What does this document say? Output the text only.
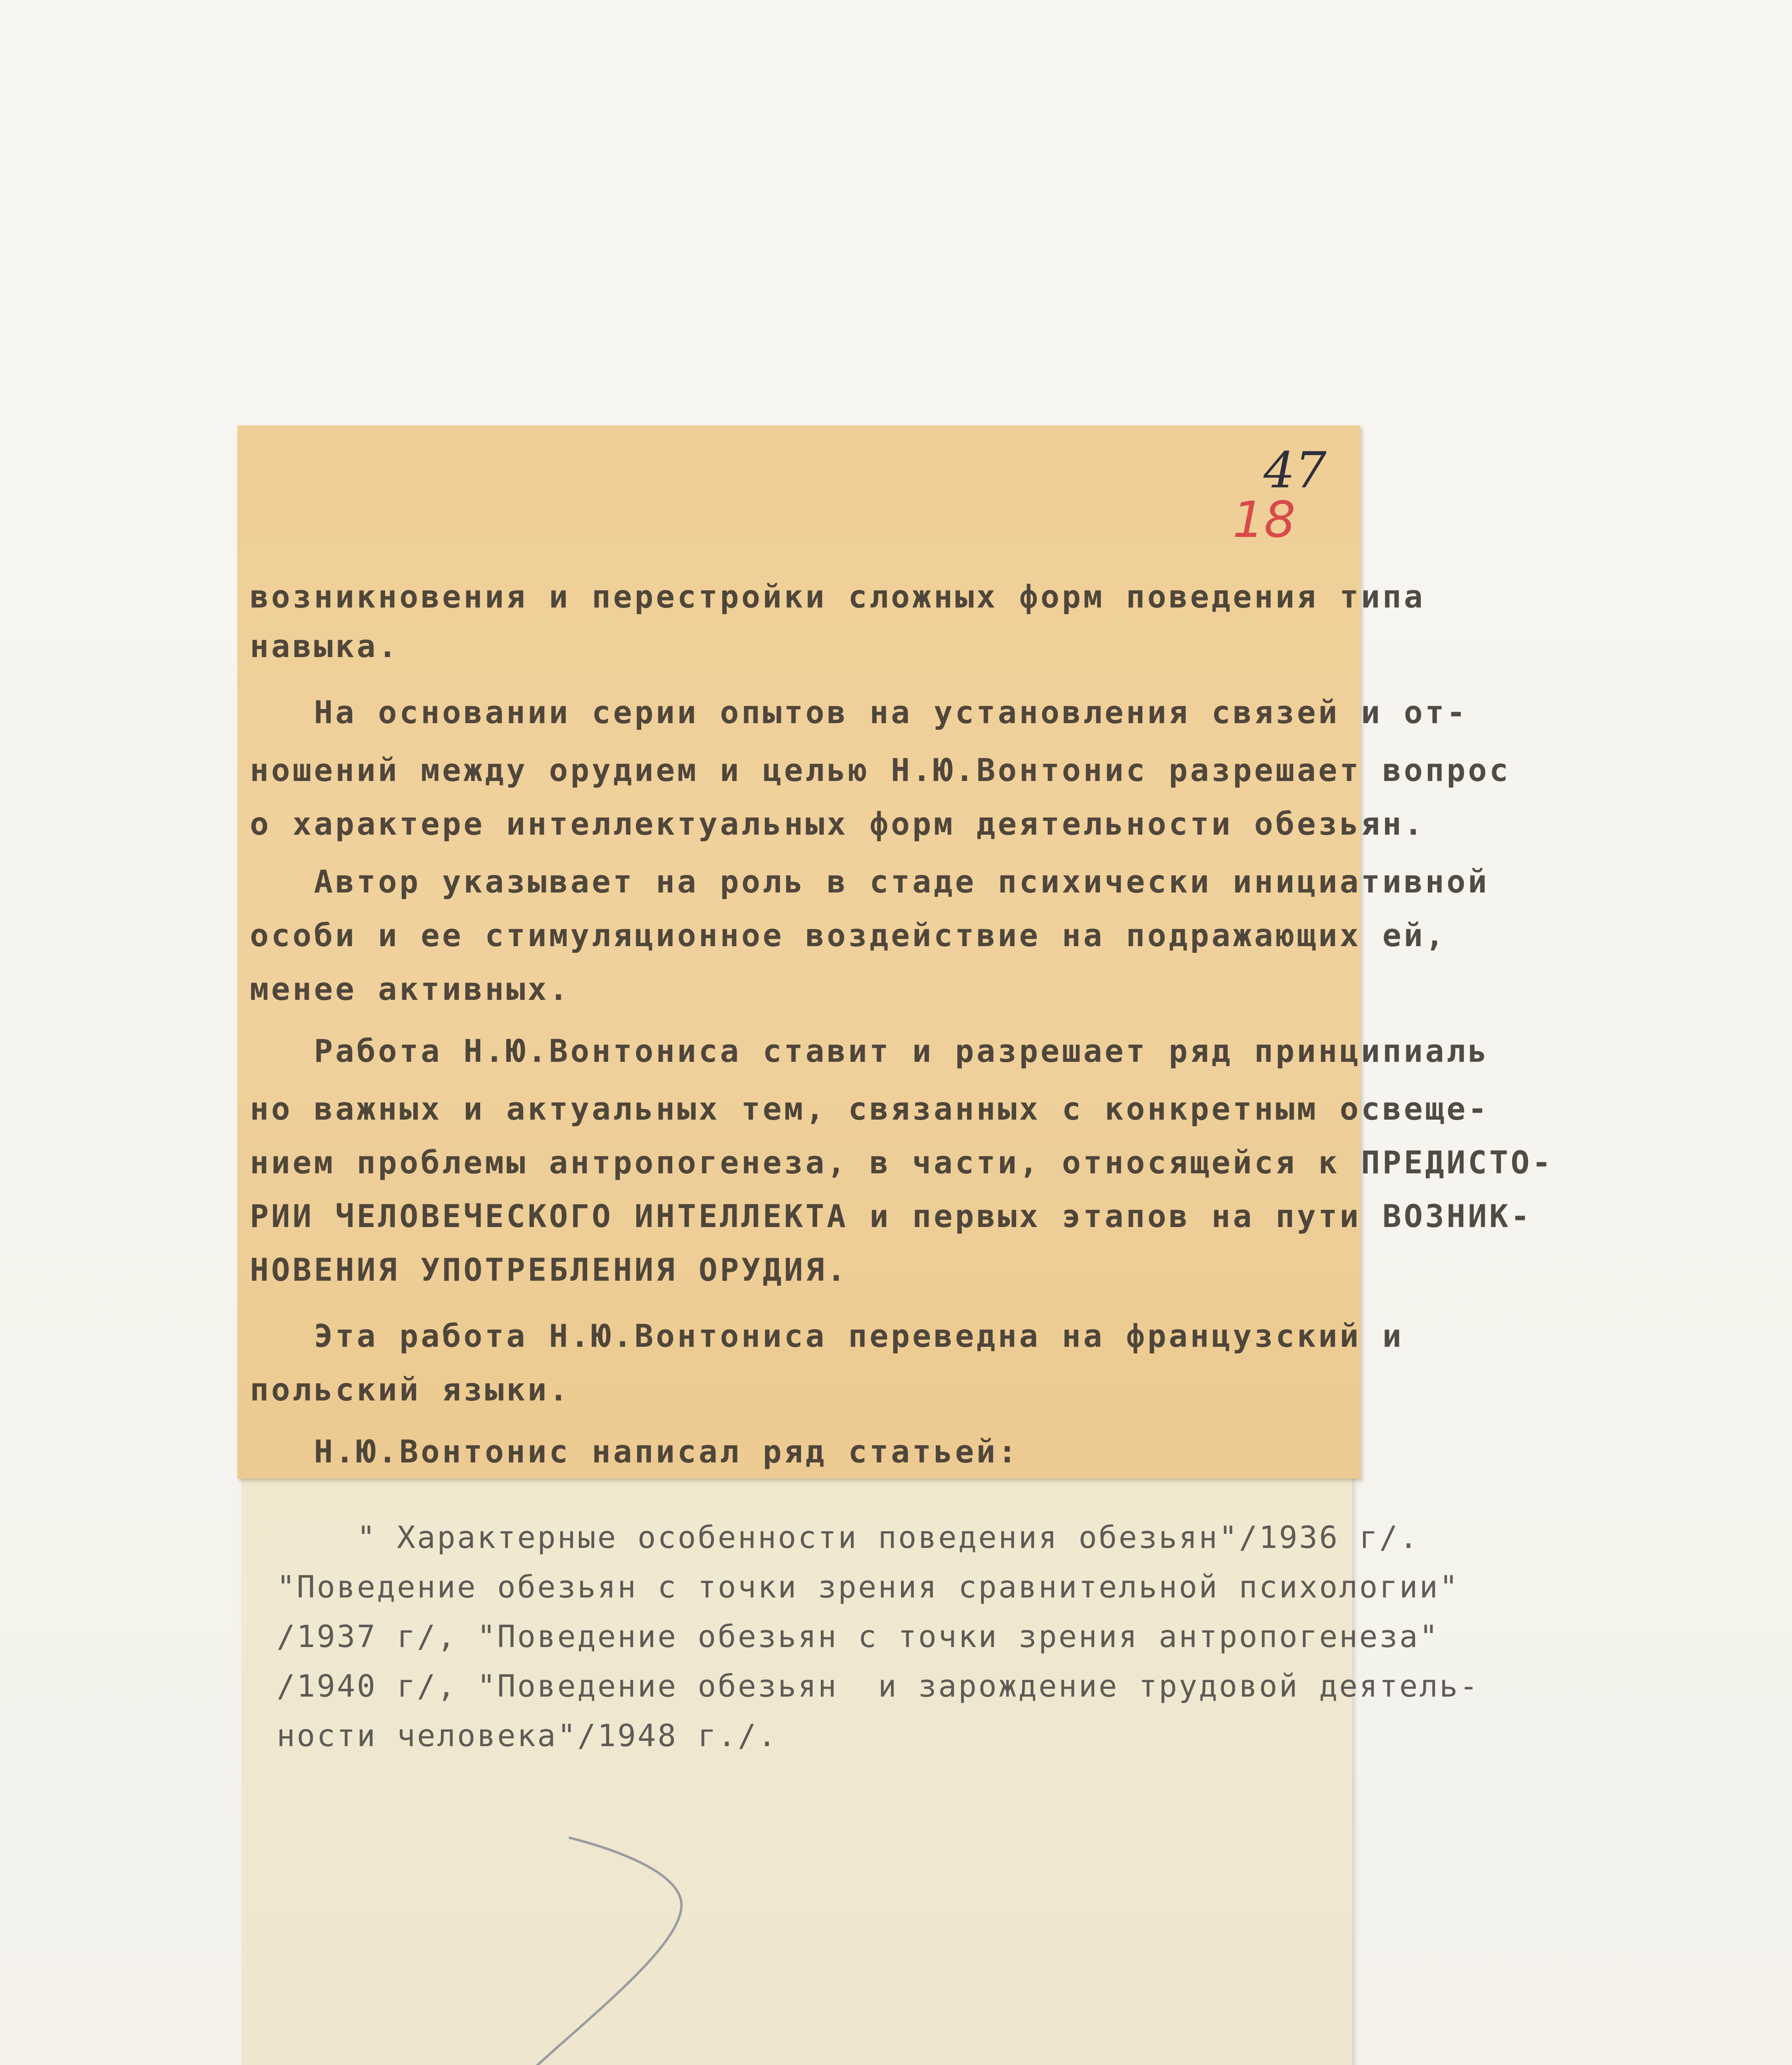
возникновения и перестройки сложных форм поведения типа
навыка.
На основании серии опытов на установления связей и от-
ношений между орудием и целью Н.Ю.Вонтонис разрешает вопрос
о характере интеллектуальных форм деятельности обезьян.
Автор указывает на роль в стаде психически инициативной
особи и ее стимуляционное воздействие на подражающих ей,
менее активных.
Работа Н.Ю.Вонтониса ставит и разрешает ряд принципиаль
но важных и актуальных тем, связанных с конкретным освеще-
нием проблемы антропогенеза, в части, относящейся к ПРЕДИСТО-
РИИ ЧЕЛОВЕЧЕСКОГО ИНТЕЛЛЕКТА и первых этапов на пути ВОЗНИК-
НОВЕНИЯ УПОТРЕБЛЕНИЯ ОРУДИЯ.
Эта работа Н.Ю.Вонтониса переведна на французский и
польский языки.
Н.Ю.Вонтонис написал ряд статьей:
" Характерные особенности поведения обезьян"/1936 г/.
"Поведение обезьян с точки зрения сравнительной психологии"
/1937 г/, "Поведение обезьян с точки зрения антропогенеза"
/1940 г/, "Поведение обезьян  и зарождение трудовой деятель-
ности человека"/1948 г./.
47
18
